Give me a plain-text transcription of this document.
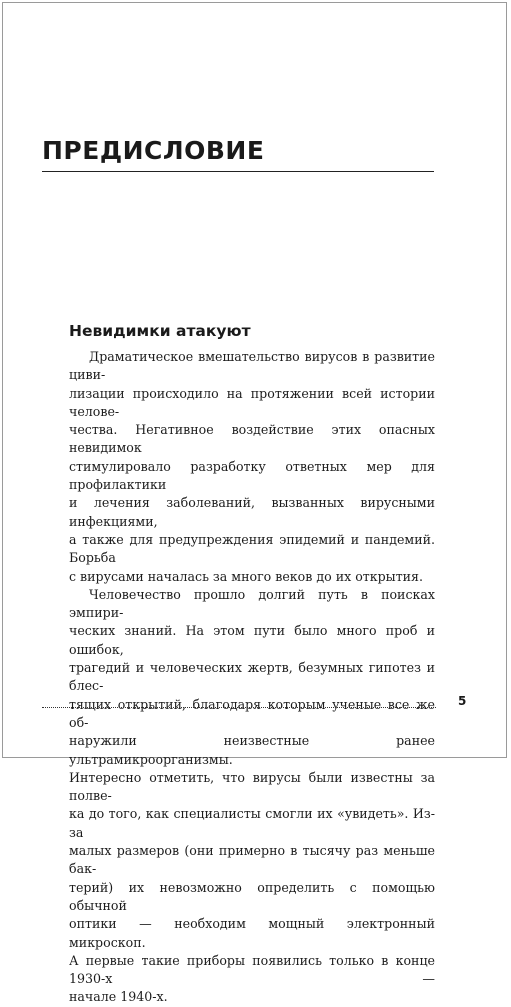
ПРЕДИСЛОВИЕ
Невидимки атакуют

Драматическое вмешательство вирусов в развитие циви-

лизации происходило на протяжении всей истории челове-

чества. Негативное воздействие этих опасных невидимок

стимулировало разработку ответных мер для профилактики

и лечения заболеваний, вызванных вирусными инфекциями,

а также для предупреждения эпидемий и пандемий. Борьба

с вирусами началась за много веков до их открытия.

Человечество прошло долгий путь в поисках эмпири-

ческих знаний. На этом пути было много проб и ошибок,

трагедий и человеческих жертв, безумных гипотез и блес-

тящих открытий, благодаря которым ученые все же об-

наружили неизвестные ранее ультрамикроорганизмы.

Интересно отметить, что вирусы были известны за полве-

ка до того, как специалисты смогли их «увидеть». Из-за

малых размеров (они примерно в тысячу раз меньше бак-

терий) их невозможно определить с помощью обычной

оптики — необходим мощный электронный микроскоп.

А первые такие приборы появились только в конце 1930-х —

начале 1940-х.

5
